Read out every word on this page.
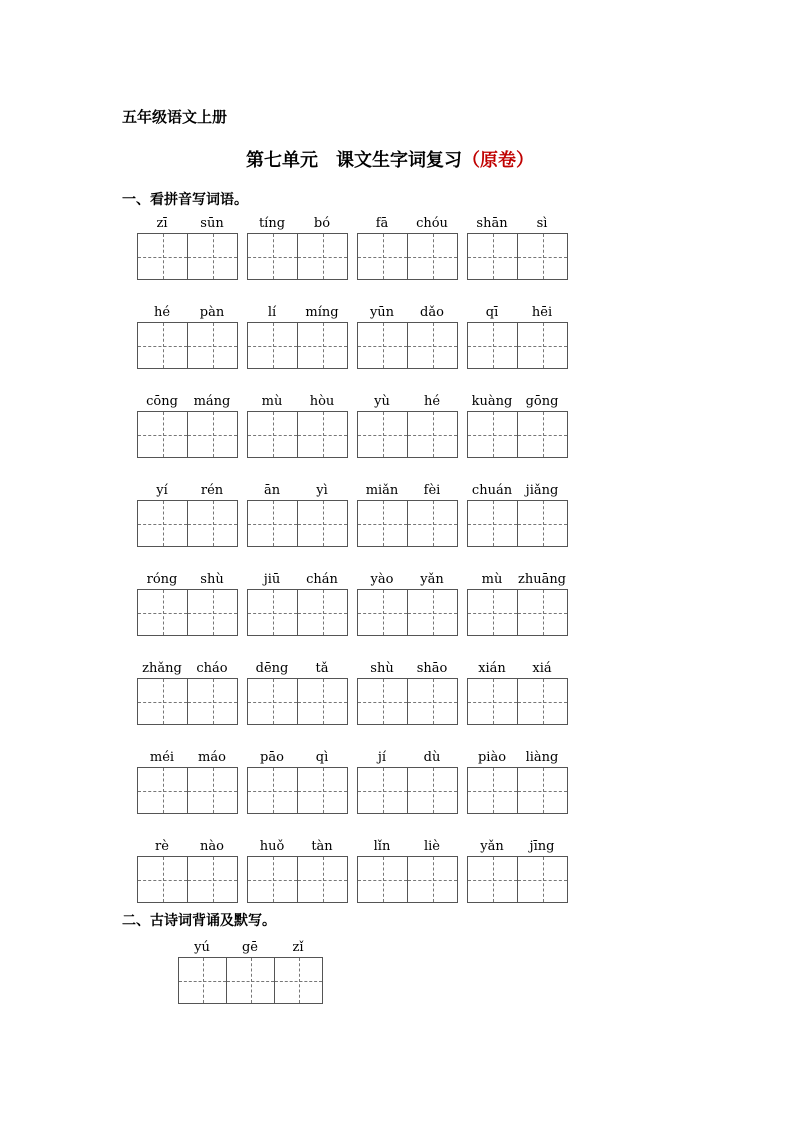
五年级语文上册
第七单元　课文生字词复习（原卷）
一、看拼音写词语。
zī	sūn	tíng	bó	fā	chóu	shān	sì
hé	pàn	lí	míng	yūn	dǎo	qī	hēi
cōng	máng	mù	hòu	yù	hé	kuàng	gōng
yí	rén	ān	yì	miǎn	fèi	chuán	jiǎng
róng	shù	jiū	chán	yào	yǎn	mù	zhuāng
zhǎng	cháo	dēng	tǎ	shù	shāo	xián	xiá
méi	máo	pāo	qì	jí	dù	piào	liàng
rè	nào	huǒ	tàn	lǐn	liè	yǎn	jīng
二、古诗词背诵及默写。
yú	gē	zǐ
